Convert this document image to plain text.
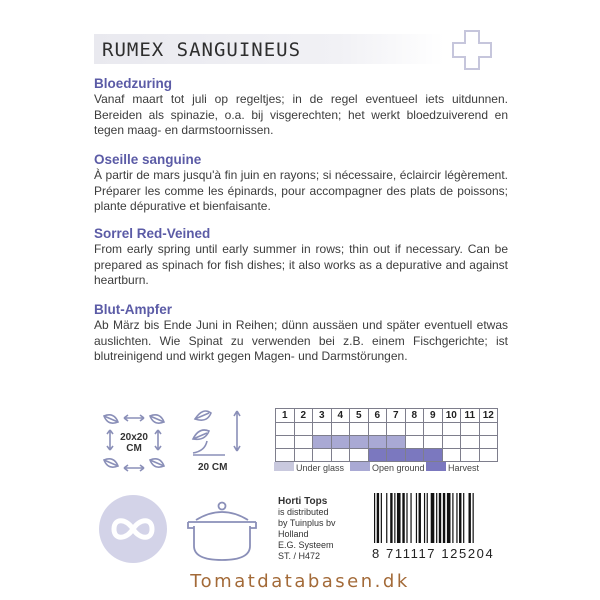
RUMEX SANGUINEUS
Bloedzuring

Vanaf maart tot juli op regeltjes; in de regel eventueel iets uitdunnen. Bereiden als spinazie, o.a. bij visgerechten; het werkt bloedzuiverend en tegen maag- en darmstoornissen.

Oseille sanguine

À partir de mars jusqu'à fin juin en rayons; si nécessaire, éclaircir légèrement. Préparer les comme les épinards, pour accompagner des plats de poissons; plante dépurative et bienfaisante.

Sorrel Red-Veined

From early spring until early summer in rows; thin out if necessary. Can be prepared as spinach for fish dishes; it also works as a depurative and against heartburn.

Blut-Ampfer

Ab März bis Ende Juni in Reihen; dünn aussäen und später eventuell etwas auslichten. Wie Spinat zu verwenden bei z.B. einem Fischgerichte; ist blutreinigend und wirkt gegen Magen- und Darmstörungen.

20x20
CM
20 CM
1	2	3	4	5	6	7	8	9	10	11	12

Under glass	Open ground	Harvest
Horti Tops
is distributed
by Tuinplus bv
Holland
E.G. Systeem
ST. / H472	8 711117 125204
Tomatdatabasen.dk
